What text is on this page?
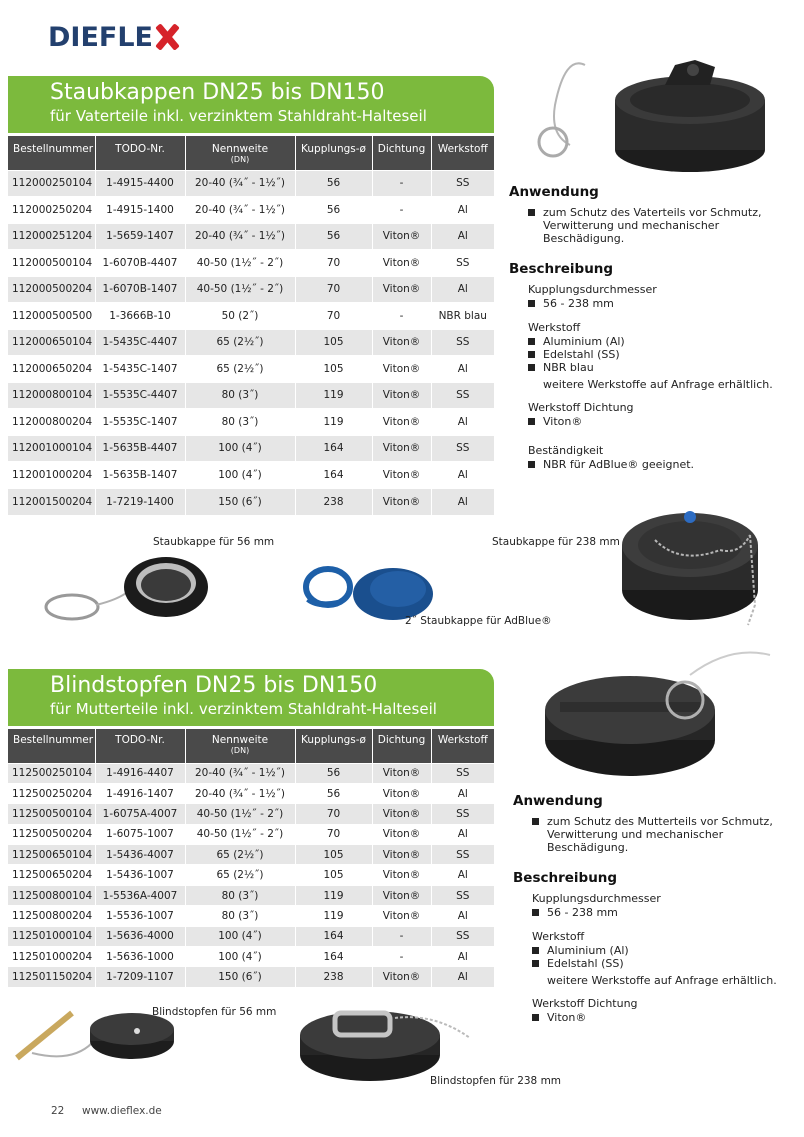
DIEFLE
Staubkappen DN25 bis DN150
für Vaterteile inkl. verzinktem Stahldraht-Halteseil
Bestellnummer	TODO-Nr.	Nennweite
(DN)	Kupplungs-ø	Dichtung	Werkstoff
112000250104	1-4915-4400	20-40 (¾˝ - 1½˝)	56	-	SS
112000250204	1-4915-1400	20-40 (¾˝ - 1½˝)	56	-	Al
112000251204	1-5659-1407	20-40 (¾˝ - 1½˝)	56	Viton®	Al
112000500104	1-6070B-4407	40-50 (1½˝ - 2˝)	70	Viton®	SS
112000500204	1-6070B-1407	40-50 (1½˝ - 2˝)	70	Viton®	Al
112000500500	1-3666B-10	50 (2˝)	70	-	NBR blau
112000650104	1-5435C-4407	65 (2½˝)	105	Viton®	SS
112000650204	1-5435C-1407	65 (2½˝)	105	Viton®	Al
112000800104	1-5535C-4407	80 (3˝)	119	Viton®	SS
112000800204	1-5535C-1407	80 (3˝)	119	Viton®	Al
112001000104	1-5635B-4407	100 (4˝)	164	Viton®	SS
112001000204	1-5635B-1407	100 (4˝)	164	Viton®	Al
112001500204	1-7219-1400	150 (6˝)	238	Viton®	Al
Anwendung
zum Schutz des Vaterteils vor Schmutz,
Verwitterung und mechanischer Beschädigung.
Beschreibung
Kupplungsdurchmesser
56 - 238 mm
Werkstoff
Aluminium (Al)
Edelstahl (SS)
NBR blau
weitere Werkstoffe auf Anfrage erhältlich.
Werkstoff Dichtung
Viton®
Beständigkeit
NBR für AdBlue® geeignet.
Staubkappe für 56 mm	Staubkappe für 238 mm
2˝ Staubkappe für AdBlue®
Blindstopfen DN25 bis DN150
für Mutterteile inkl. verzinktem Stahldraht-Halteseil
Bestellnummer	TODO-Nr.	Nennweite
(DN)	Kupplungs-ø	Dichtung	Werkstoff
112500250104	1-4916-4407	20-40 (¾˝ - 1½˝)	56	Viton®	SS
112500250204	1-4916-1407	20-40 (¾˝ - 1½˝)	56	Viton®	Al
112500500104	1-6075A-4007	40-50 (1½˝ - 2˝)	70	Viton®	SS
112500500204	1-6075-1007	40-50 (1½˝ - 2˝)	70	Viton®	Al
112500650104	1-5436-4007	65 (2½˝)	105	Viton®	SS
112500650204	1-5436-1007	65 (2½˝)	105	Viton®	Al
112500800104	1-5536A-4007	80 (3˝)	119	Viton®	SS
112500800204	1-5536-1007	80 (3˝)	119	Viton®	Al
112501000104	1-5636-4000	100 (4˝)	164	-	SS
112501000204	1-5636-1000	100 (4˝)	164	-	Al
112501150204	1-7209-1107	150 (6˝)	238	Viton®	Al
Anwendung
zum Schutz des Mutterteils vor Schmutz,
Verwitterung und mechanischer Beschädigung.
Beschreibung
Kupplungsdurchmesser
56 - 238 mm
Werkstoff
Aluminium (Al)
Edelstahl (SS)
weitere Werkstoffe auf Anfrage erhältlich.
Werkstoff Dichtung
Viton®
Blindstopfen für 56 mm
Blindstopfen für 238 mm
22 www.dieflex.de
